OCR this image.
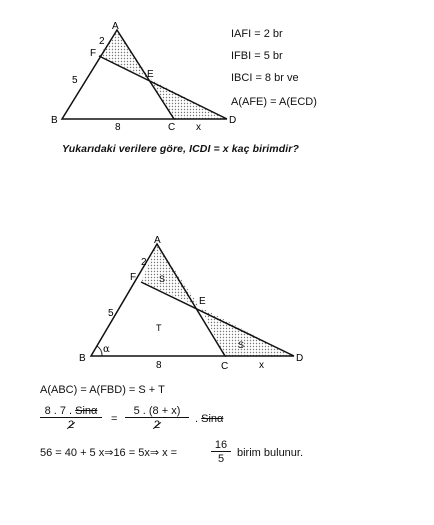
A
F
E
B
C
D
2
5
8	x
A
F
E
B
C
D
2
5
8	x
S
T
S
α
IAFI = 2 br
IFBI = 5 br
IBCI = 8 br ve
A(AFE) = A(ECD)
Yukarıdaki verilere göre, ICDI = x kaç birimdir?
A(ABC) = A(FBD) = S + T
8 . 7 . Sinα
2	= $\frac{5 . (8 + x)}{2}$ . Sinα
56 = 40 + 5 x⇒16 = 5x⇒ x =	$\frac{16}{5}$ birim bulunur.
